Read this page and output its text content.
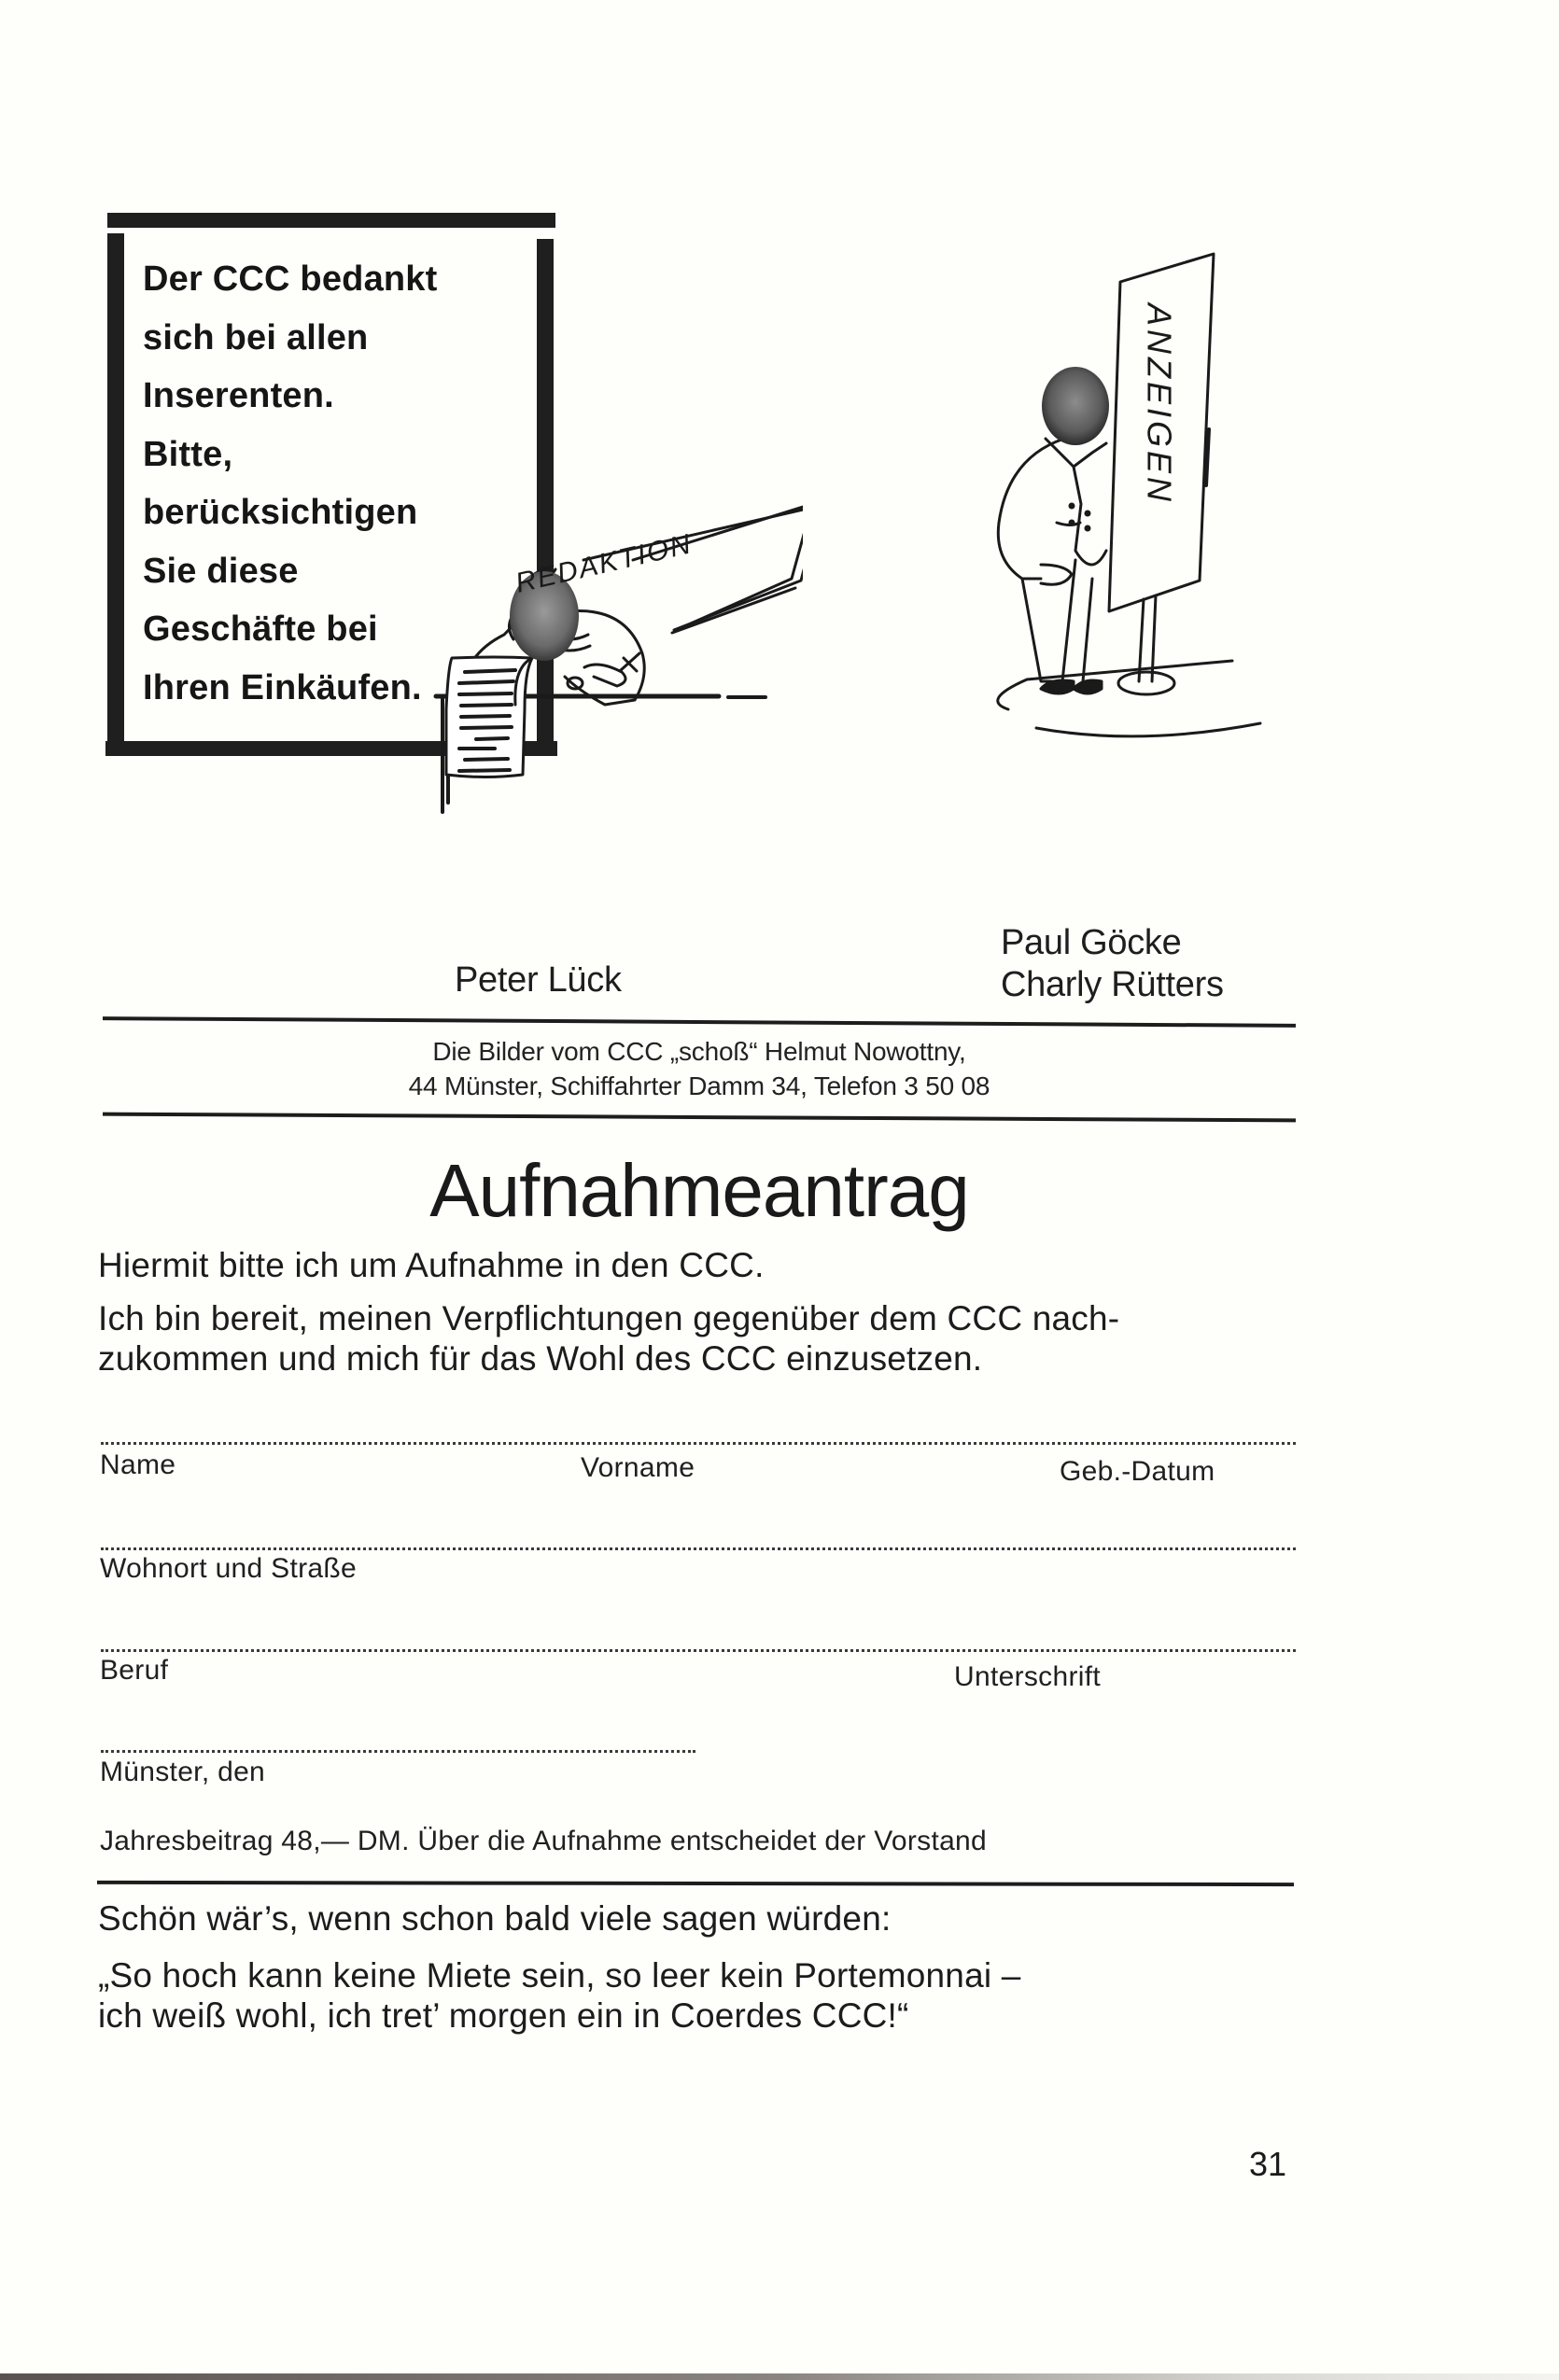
Der CCC bedankt
sich bei allen
Inserenten.
Bitte,
berücksichtigen
Sie diese
Geschäfte bei
Ihren Einkäufen.
REDAKTION
ANZEIGEN
Peter Lück
Paul Göcke
Charly Rütters
Die Bilder vom CCC „schoß“ Helmut Nowottny,
44 Münster, Schiffahrter Damm 34, Telefon 3 50 08
Aufnahmeantrag
Hiermit bitte ich um Aufnahme in den CCC.
Ich bin bereit, meinen Verpflichtungen gegenüber dem CCC nach-
zukommen und mich für das Wohl des CCC einzusetzen.
Name	Vorname	Geb.-Datum
Wohnort und Straße
Beruf	Unterschrift
Münster, den
Jahresbeitrag 48,— DM. Über die Aufnahme entscheidet der Vorstand
Schön wär’s, wenn schon bald viele sagen würden:
„So hoch kann keine Miete sein, so leer kein Portemonnai –
ich weiß wohl, ich tret’ morgen ein in Coerdes CCC!“
31
